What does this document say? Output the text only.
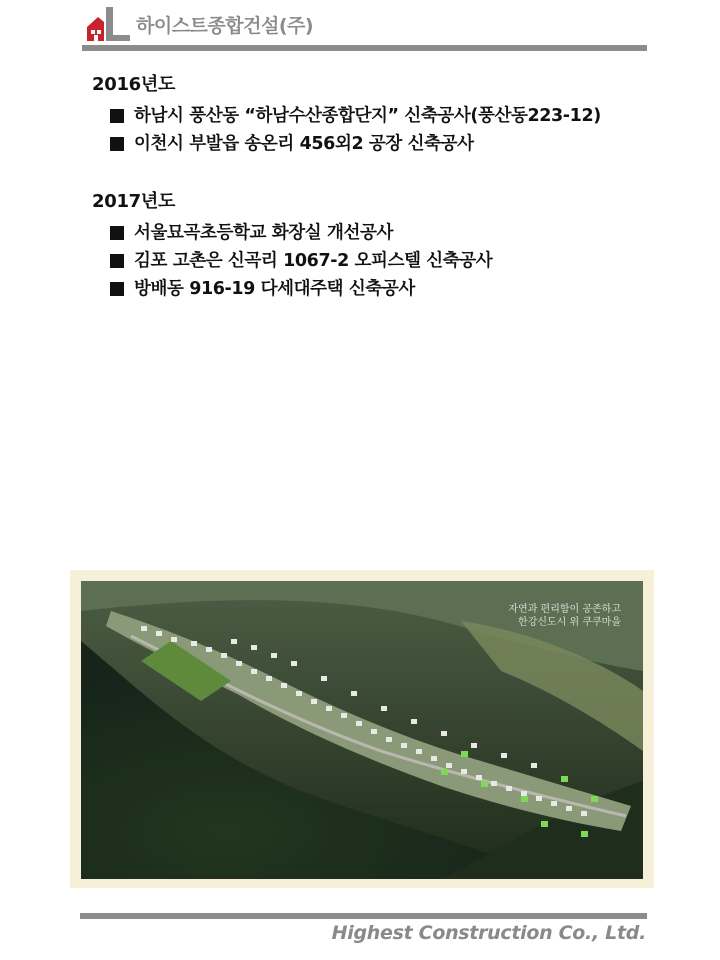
하이스트종합건설(주)
2016년도
하남시 풍산동 “하남수산종합단지” 신축공사(풍산동223-12)
이천시 부발읍 송온리 456외2 공장 신축공사
2017년도
서울묘곡초등학교 화장실 개선공사
김포 고촌은 신곡리 1067-2 오피스텔 신축공사
방배동 916-19 다세대주택 신축공사
자연과 편리함이 공존하고
한강신도시 위 쿠쿠마을
Highest Construction Co., Ltd.
